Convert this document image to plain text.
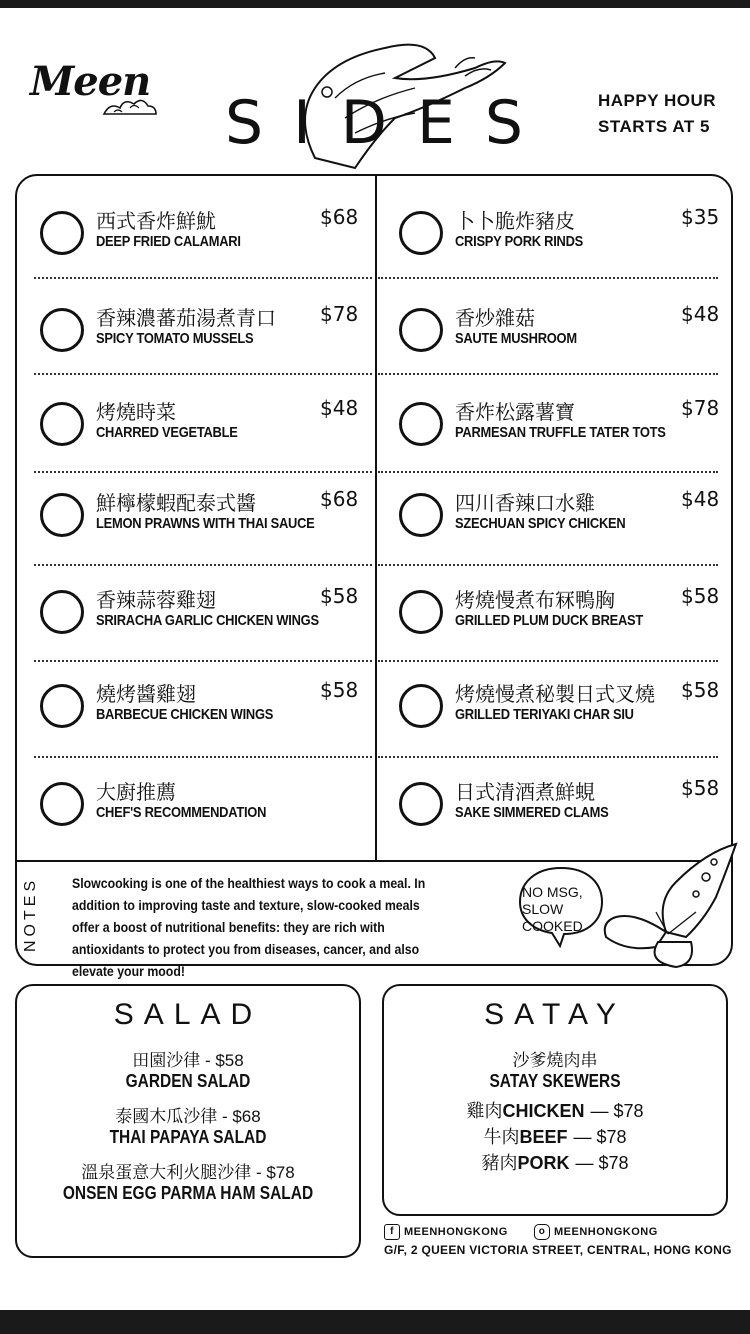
Meen
SIDES	HAPPY HOUR
STARTS AT 5
西式香炸鮮魷
DEEP FRIED CALAMARI
$68
香辣濃蕃茄湯煮青口
SPICY TOMATO MUSSELS
$78
烤燒時菜
CHARRED VEGETABLE
$48
鮮檸檬蝦配泰式醬
LEMON PRAWNS WITH THAI SAUCE
$68
香辣蒜蓉雞翅
SRIRACHA GARLIC CHICKEN WINGS
$58
燒烤醬雞翅
BARBECUE CHICKEN WINGS
$58
大廚推薦
CHEF'S RECOMMENDATION
卜卜脆炸豬皮
CRISPY PORK RINDS
$35
香炒雜菇
SAUTE MUSHROOM
$48
香炸松露薯寶
PARMESAN TRUFFLE TATER TOTS
$78
四川香辣口水雞
SZECHUAN SPICY CHICKEN
$48
烤燒慢煮布冧鴨胸
GRILLED PLUM DUCK BREAST
$58
烤燒慢煮秘製日式叉燒
GRILLED TERIYAKI CHAR SIU
$58
日式清酒煮鮮蜆
SAKE SIMMERED CLAMS
$58
NOTES Slowcooking is one of the healthiest ways to cook a meal. In addition to improving taste and texture, slow-cooked meals offer a boost of nutritional benefits: they are rich with antioxidants to protect you from diseases, cancer, and also elevate your mood!
NO MSG, SLOW COOKED
SALAD
田園沙律 - $58
GARDEN SALAD
泰國木瓜沙律 - $68
THAI PAPAYA SALAD
溫泉蛋意大利火腿沙律 - $78
ONSEN EGG PARMA HAM SALAD
SATAY
沙爹燒肉串
SATAY SKEWERS
雞肉CHICKEN — $78
牛肉BEEF — $78
豬肉PORK — $78
f MEENHONGKONG	o MEENHONGKONG
G/F, 2 QUEEN VICTORIA STREET, CENTRAL, HONG KONG
